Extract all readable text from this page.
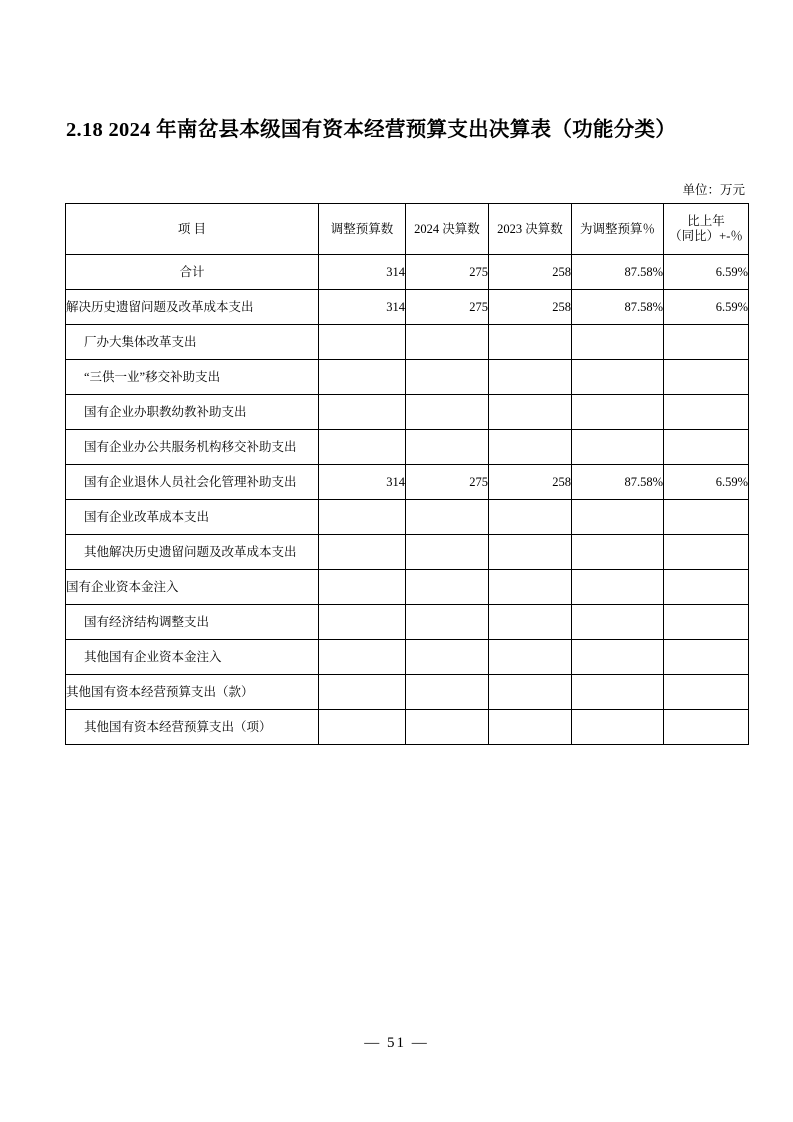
2.18 2024 年南岔县本级国有资本经营预算支出决算表（功能分类）
单位：万元
项 目	调整预算数	2024 决算数	2023 决算数	为调整预算％	比上年
（同比）+-％

合计	314	275	258	87.58%	6.59%
解决历史遗留问题及改革成本支出	314	275	258	87.58%	6.59%
厂办大集体改革支出					
“三供一业”移交补助支出					
国有企业办职教幼教补助支出					
国有企业办公共服务机构移交补助支出					
国有企业退休人员社会化管理补助支出	314	275	258	87.58%	6.59%
国有企业改革成本支出					
其他解决历史遗留问题及改革成本支出					
国有企业资本金注入					
国有经济结构调整支出					
其他国有企业资本金注入					
其他国有资本经营预算支出（款）					
其他国有资本经营预算支出（项）					
— 51 —
